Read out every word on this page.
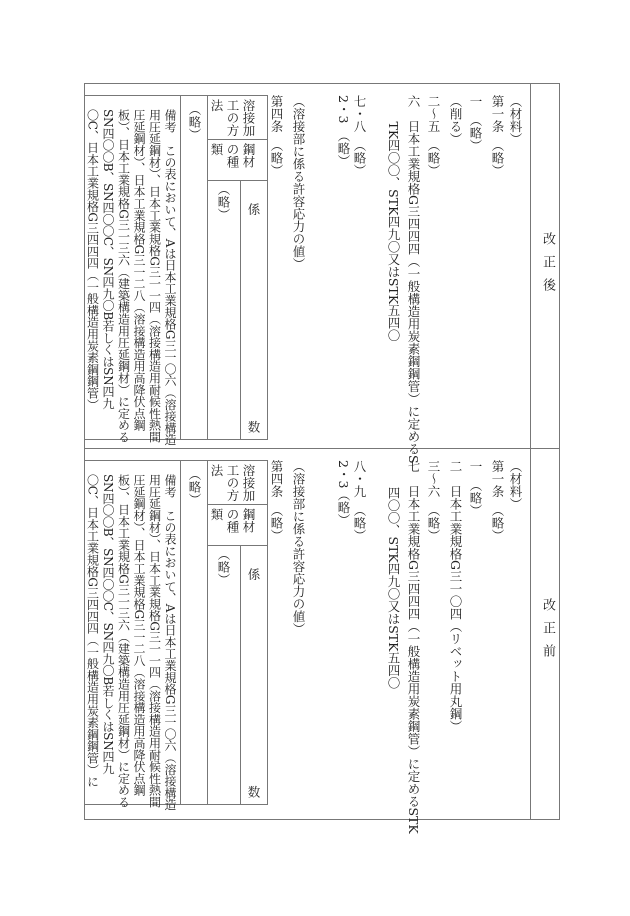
改正後
改正前
（材料）
第一条　（略）
一　（略）
（削る）
二～五　（略）
六　日本工業規格G三四四四（一般構造用炭素鋼鋼管）に定めるS
　TK四〇〇、STK四九〇又はSTK五四〇
七・八　（略）
2・3　（略）
（溶接部に係る許容応力の値）
第四条　（略）
溶接加工の方法
鋼材の種類
係数
（略）
（略）
備考　この表において、Aは日本工業規格G三一〇六（溶接構造
用圧延鋼材）、日本工業規格G三一一四（溶接構造用耐候性熱間
圧延鋼材）、日本工業規格G三一二八（溶接構造用高降伏点鋼
板）、日本工業規格G三一三六（建築構造用圧延鋼材）に定める
SN四〇〇B、SN四〇〇C、SN四九〇B若しくはSN四九
〇C、日本工業規格G三四四四（一般構造用炭素鋼鋼管）
（材料）
第一条　（略）
一　（略）
二　日本工業規格G三一〇四（リベット用丸鋼）
三～六　（略）
七　日本工業規格G三四四四（一般構造用炭素鋼管）に定めるSTK
　四〇〇、STK四九〇又はSTK五四〇
八・九　（略）
2・3（略）
（溶接部に係る許容応力の値）
第四条　（略）
溶接加工の方法
鋼材の種類
係数
（略）
（略）
備考　この表において、Aは日本工業規格G三一〇六（溶接構造
用圧延鋼材）、日本工業規格G三一一四（溶接構造用耐候性熱間
圧延鋼材）、日本工業規格G三一二八（溶接構造用高降伏点鋼
板）、日本工業規格G三一三六（建築構造用圧延鋼材）に定める
SN四〇〇B、SN四〇〇C、SN四九〇B若しくはSN四九
〇C、日本工業規格G三四四四（一般構造用炭素鋼鋼管）に
